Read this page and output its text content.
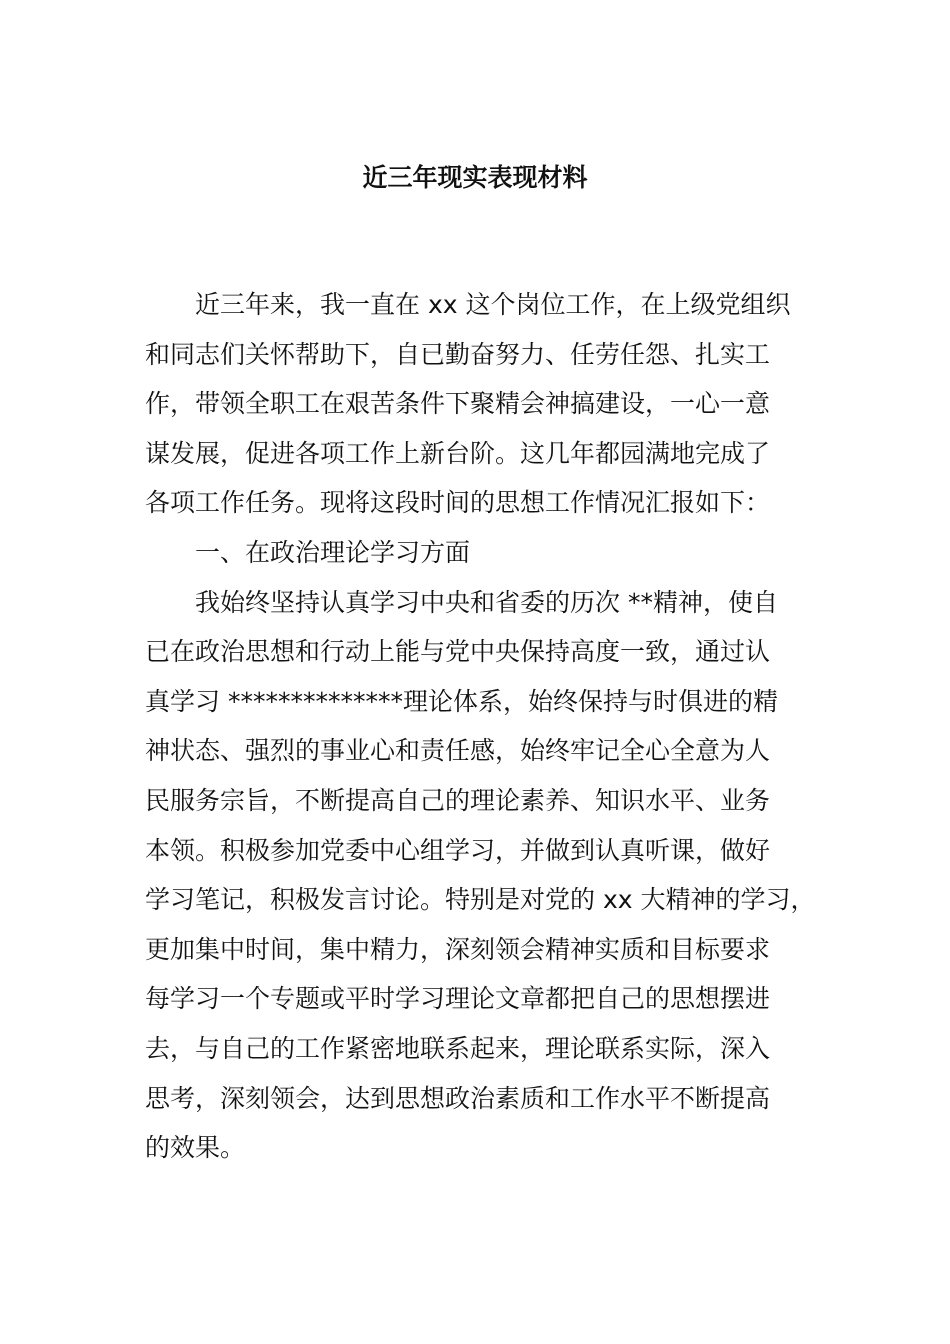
近三年现实表现材料
近三年来，我一直在 xx 这个岗位工作，在上级党组织
和同志们关怀帮助下，自已勤奋努力、任劳任怨、扎实工
作，带领全职工在艰苦条件下聚精会神搞建设，一心一意
谋发展，促进各项工作上新台阶。这几年都园满地完成了
各项工作任务。现将这段时间的思想工作情况汇报如下：
一、在政治理论学习方面
我始终坚持认真学习中央和省委的历次 **精神，使自
已在政治思想和行动上能与党中央保持高度一致，通过认
真学习 **************理论体系，始终保持与时俱进的精
神状态、强烈的事业心和责任感，始终牢记全心全意为人
民服务宗旨，不断提高自己的理论素养、知识水平、业务
本领。积极参加党委中心组学习，并做到认真听课，做好
学习笔记，积极发言讨论。特别是对党的 xx 大精神的学习，
更加集中时间，集中精力，深刻领会精神实质和目标要求
每学习一个专题或平时学习理论文章都把自己的思想摆进
去，与自己的工作紧密地联系起来，理论联系实际，深入
思考，深刻领会，达到思想政治素质和工作水平不断提高
的效果。
